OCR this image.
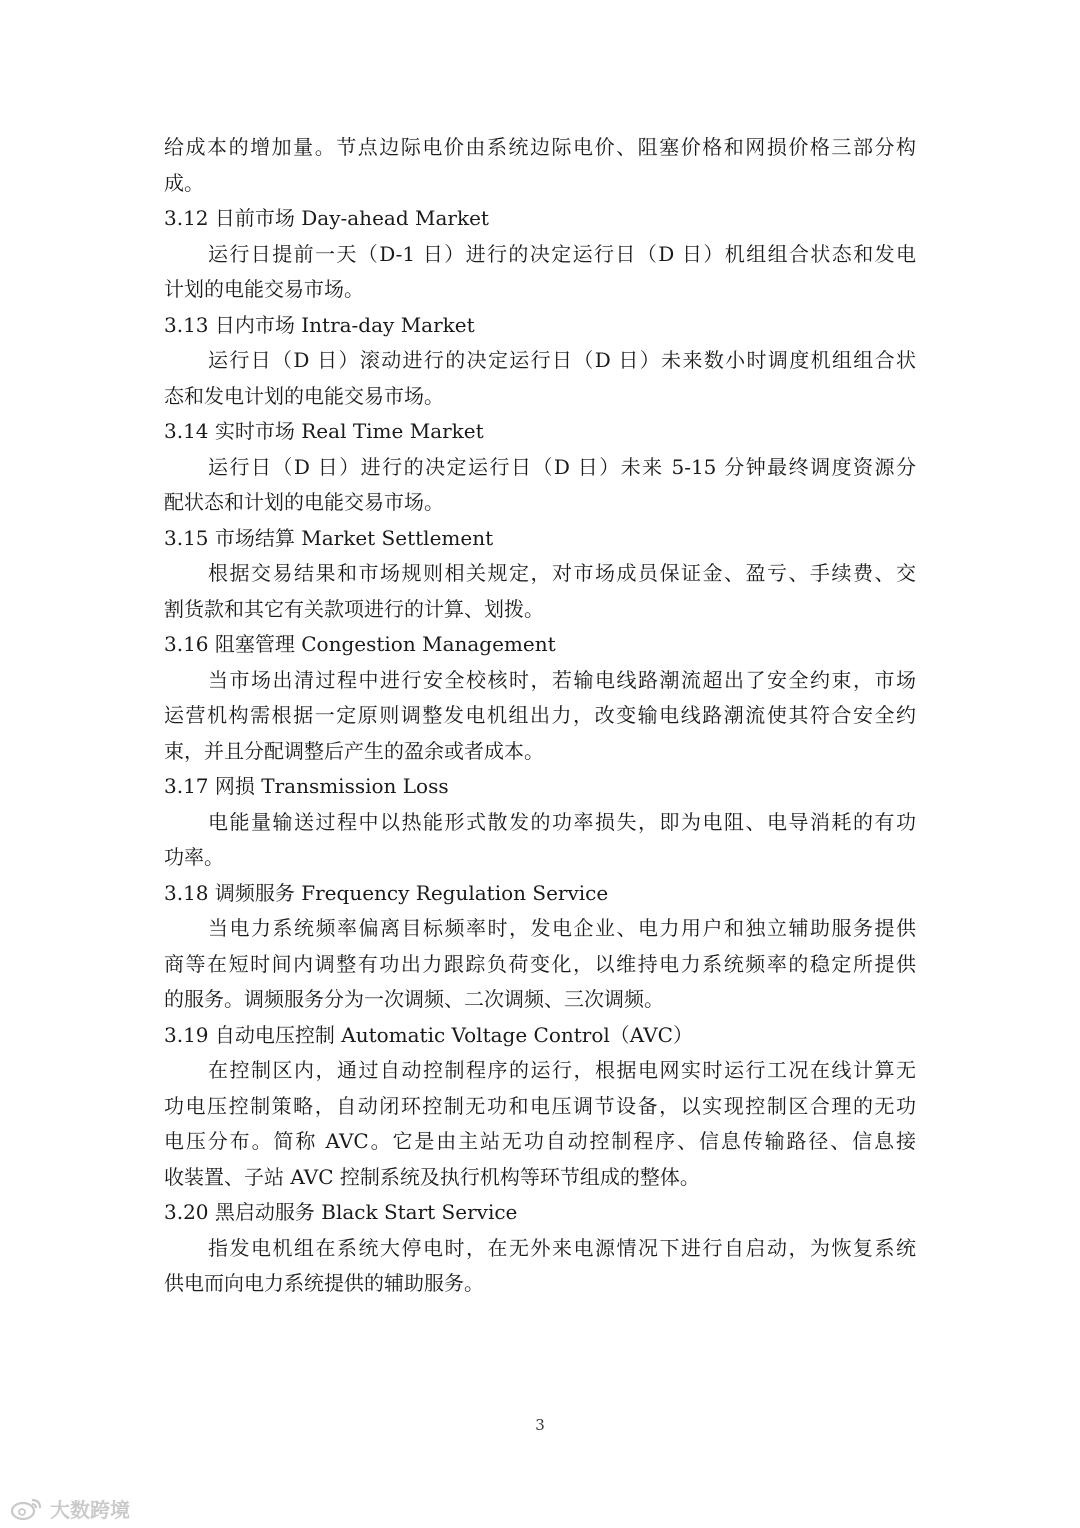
给成本的增加量。节点边际电价由系统边际电价、阻塞价格和网损价格三部分构
成。
3.12 日前市场 Day-ahead Market
运行日提前一天（D-1 日）进行的决定运行日（D 日）机组组合状态和发电
计划的电能交易市场。
3.13 日内市场 Intra-day Market
运行日（D 日）滚动进行的决定运行日（D 日）未来数小时调度机组组合状
态和发电计划的电能交易市场。
3.14 实时市场 Real Time Market
运行日（D 日）进行的决定运行日（D 日）未来 5-15 分钟最终调度资源分
配状态和计划的电能交易市场。
3.15 市场结算 Market Settlement
根据交易结果和市场规则相关规定，对市场成员保证金、盈亏、手续费、交
割货款和其它有关款项进行的计算、划拨。
3.16 阻塞管理 Congestion Management
当市场出清过程中进行安全校核时，若输电线路潮流超出了安全约束，市场
运营机构需根据一定原则调整发电机组出力，改变输电线路潮流使其符合安全约
束，并且分配调整后产生的盈余或者成本。
3.17 网损 Transmission Loss
电能量输送过程中以热能形式散发的功率损失，即为电阻、电导消耗的有功
功率。
3.18 调频服务 Frequency Regulation Service
当电力系统频率偏离目标频率时，发电企业、电力用户和独立辅助服务提供
商等在短时间内调整有功出力跟踪负荷变化，以维持电力系统频率的稳定所提供
的服务。调频服务分为一次调频、二次调频、三次调频。
3.19 自动电压控制 Automatic Voltage Control（AVC）
在控制区内，通过自动控制程序的运行，根据电网实时运行工况在线计算无
功电压控制策略，自动闭环控制无功和电压调节设备，以实现控制区合理的无功
电压分布。简称 AVC。它是由主站无功自动控制程序、信息传输路径、信息接
收装置、子站 AVC 控制系统及执行机构等环节组成的整体。
3.20 黑启动服务 Black Start Service
指发电机组在系统大停电时，在无外来电源情况下进行自启动，为恢复系统
供电而向电力系统提供的辅助服务。
3
大数跨境
